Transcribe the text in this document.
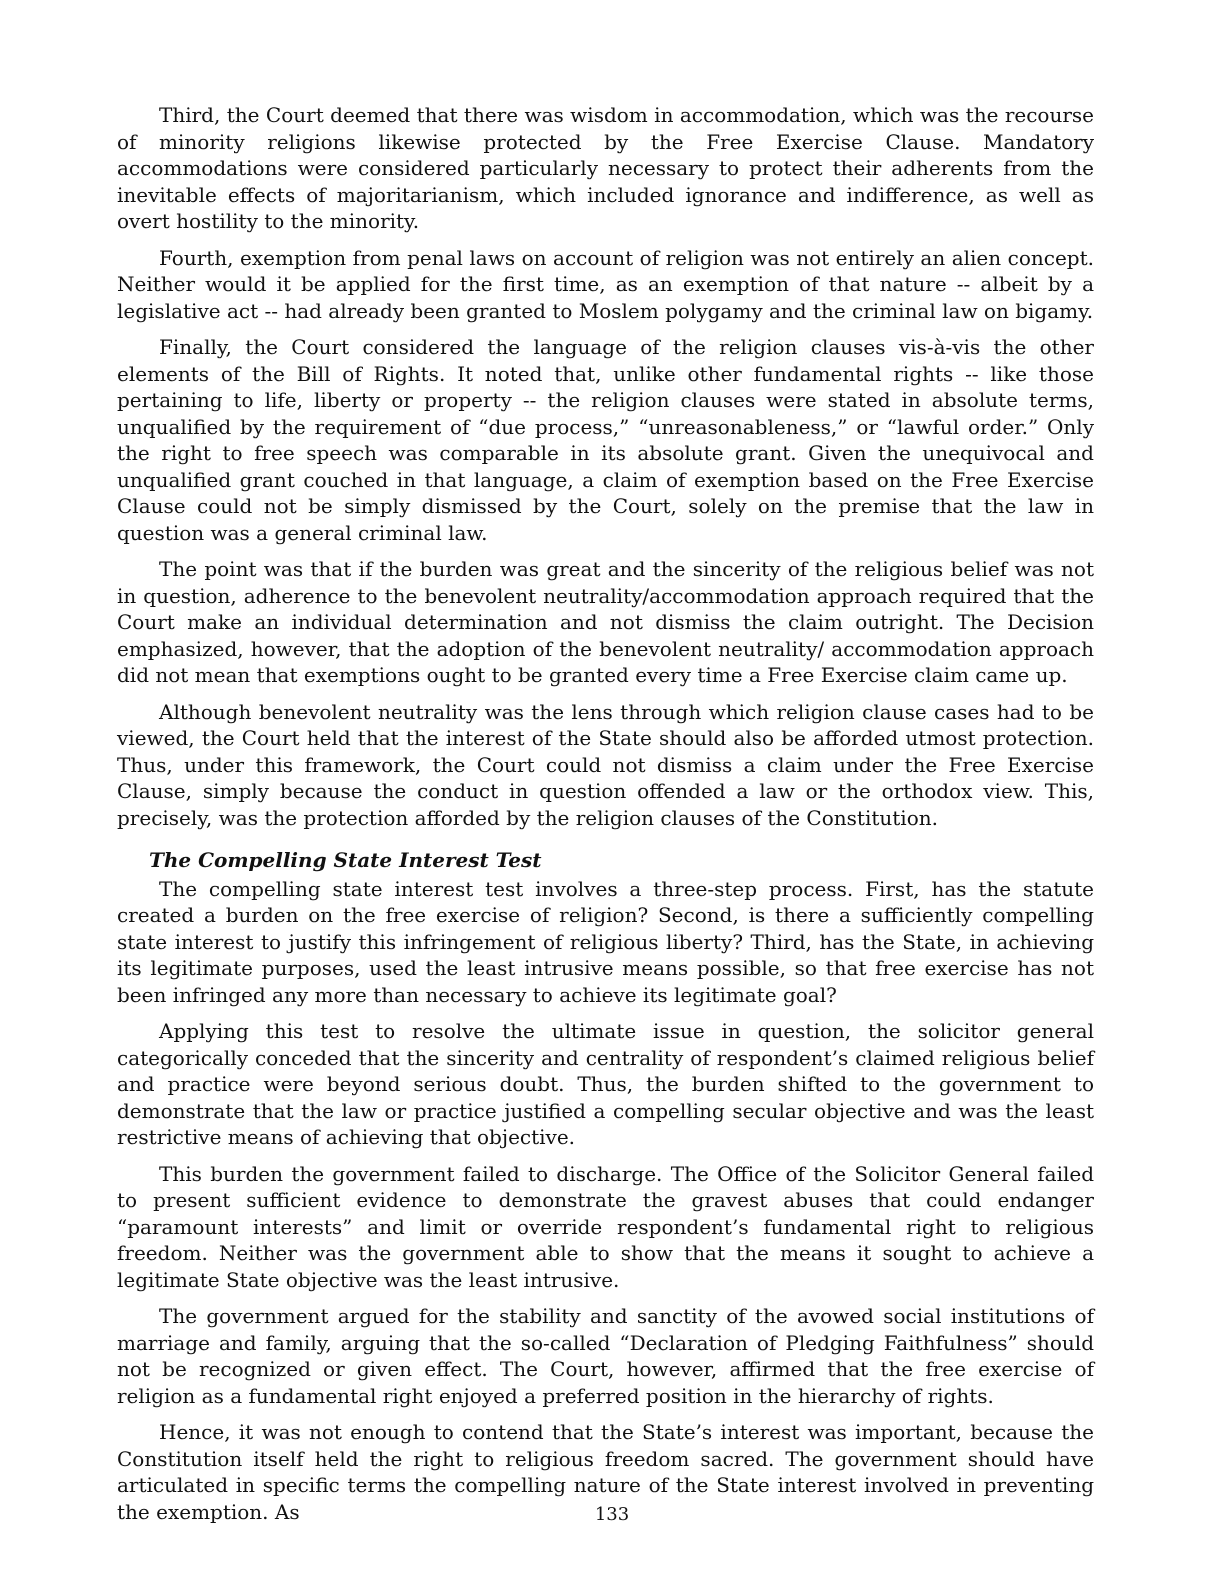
Third, the Court deemed that there was wisdom in accommodation, which was the recourse of minority religions likewise protected by the Free Exercise Clause. Mandatory accommodations were considered particularly necessary to protect their adherents from the inevitable effects of majoritarianism, which included ignorance and indifference, as well as overt hostility to the minority.

Fourth, exemption from penal laws on account of religion was not entirely an alien concept. Neither would it be applied for the first time, as an exemption of that nature -- albeit by a legislative act -- had already been granted to Moslem polygamy and the criminal law on bigamy.

Finally, the Court considered the language of the religion clauses vis-à-vis the other elements of the Bill of Rights. It noted that, unlike other fundamental rights -- like those pertaining to life, liberty or property -- the religion clauses were stated in absolute terms, unqualified by the requirement of “due process,” “unreasonableness,” or “lawful order.” Only the right to free speech was comparable in its absolute grant. Given the unequivocal and unqualified grant couched in that language, a claim of exemption based on the Free Exercise Clause could not be simply dismissed by the Court, solely on the premise that the law in question was a general criminal law.

The point was that if the burden was great and the sincerity of the religious belief was not in question, adherence to the benevolent neutrality/accommodation approach required that the Court make an individual determination and not dismiss the claim outright. The Decision emphasized, however, that the adoption of the benevolent neutrality/ accommodation approach did not mean that exemptions ought to be granted every time a Free Exercise claim came up.

Although benevolent neutrality was the lens through which religion clause cases had to be viewed, the Court held that the interest of the State should also be afforded utmost protection. Thus, under this framework, the Court could not dismiss a claim under the Free Exercise Clause, simply because the conduct in question offended a law or the orthodox view. This, precisely, was the protection afforded by the religion clauses of the Constitution.

The Compelling State Interest Test

The compelling state interest test involves a three-step process. First, has the statute created a burden on the free exercise of religion? Second, is there a sufficiently compelling state interest to justify this infringement of religious liberty? Third, has the State, in achieving its legitimate purposes, used the least intrusive means possible, so that free exercise has not been infringed any more than necessary to achieve its legitimate goal?

Applying this test to resolve the ultimate issue in question, the solicitor general categorically conceded that the sincerity and centrality of respondent’s claimed religious belief and practice were beyond serious doubt. Thus, the burden shifted to the government to demonstrate that the law or practice justified a compelling secular objective and was the least restrictive means of achieving that objective.

This burden the government failed to discharge. The Office of the Solicitor General failed to present sufficient evidence to demonstrate the gravest abuses that could endanger “paramount interests” and limit or override respondent’s fundamental right to religious freedom. Neither was the government able to show that the means it sought to achieve a legitimate State objective was the least intrusive.

The government argued for the stability and sanctity of the avowed social institutions of marriage and family, arguing that the so-called “Declaration of Pledging Faithfulness” should not be recognized or given effect. The Court, however, affirmed that the free exercise of religion as a fundamental right enjoyed a preferred position in the hierarchy of rights.

Hence, it was not enough to contend that the State’s interest was important, because the Constitution itself held the right to religious freedom sacred. The government should have articulated in specific terms the compelling nature of the State interest involved in preventing the exemption. As	133
